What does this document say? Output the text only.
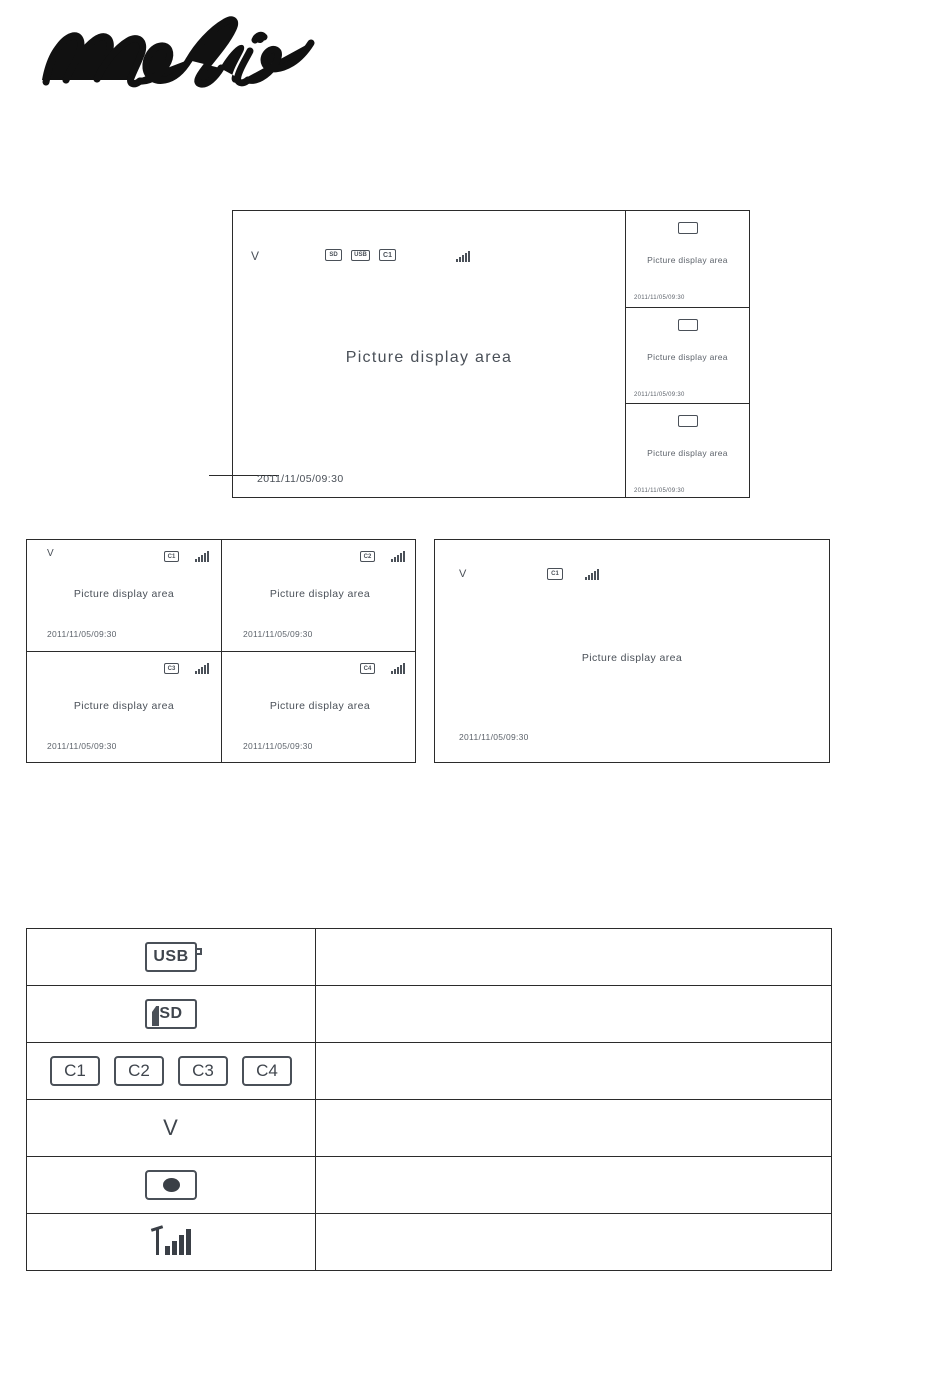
V	SD	USB	C1
Picture display area
2011/11/05/09:30
Picture display area
2011/11/05/09:30
Picture display area
2011/11/05/09:30
Picture display area
2011/11/05/09:30
V	C1
Picture display area
2011/11/05/09:30
C2
Picture display area
2011/11/05/09:30
C3
Picture display area
2011/11/05/09:30
C4
Picture display area
2011/11/05/09:30
V	C1
Picture display area
2011/11/05/09:30
USB	
SD	

C1 C2 C3 C4	

V	
